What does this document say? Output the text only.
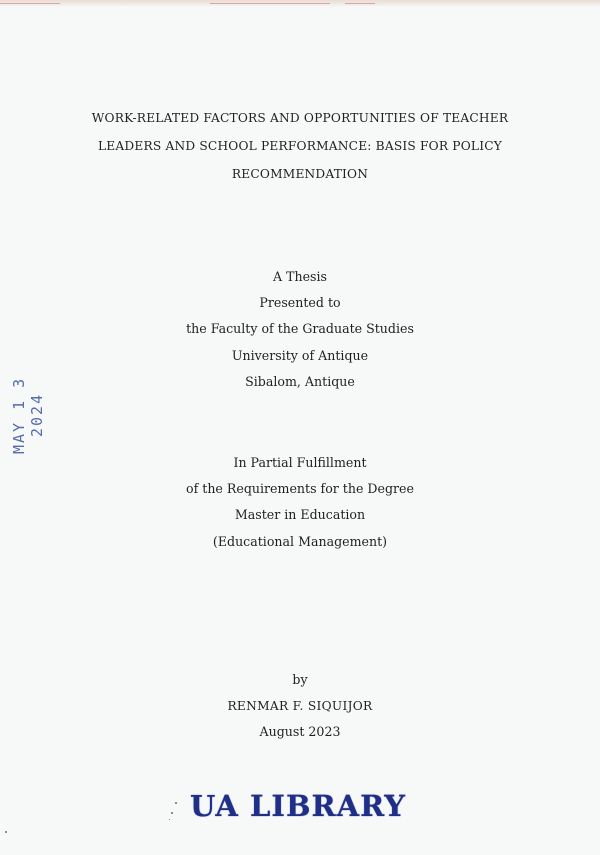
WORK-RELATED FACTORS AND OPPORTUNITIES OF TEACHER
LEADERS AND SCHOOL PERFORMANCE: BASIS FOR POLICY
RECOMMENDATION
A Thesis
Presented to
the Faculty of the Graduate Studies
University of Antique
Sibalom, Antique
In Partial Fulfillment
of the Requirements for the Degree
Master in Education
(Educational Management)
by
RENMAR F. SIQUIJOR
August 2023
MAY 1 3 2024
UA LIBRARY
